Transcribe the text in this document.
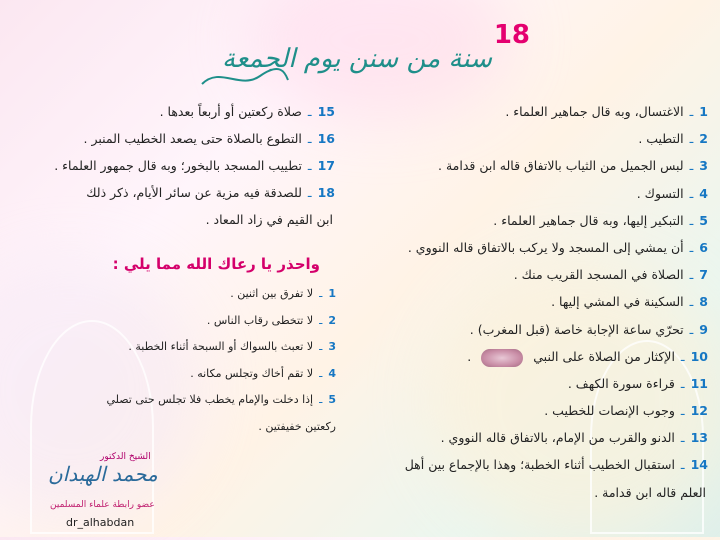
18
سنة من سنن يوم الجمعة
1
ـ
الاغتسال، وبه قال جماهير العلماء .
2
ـ
التطيب .
3
ـ
لبس الجميل من الثياب بالاتفاق قاله ابن قدامة .
4
ـ
التسوك .
5
ـ
التبكير إليها، وبه قال جماهير العلماء .
6
ـ
أن يمشي إلى المسجد ولا يركب بالاتفاق قاله النووي .
7
ـ
الصلاة في المسجد القريب منك .
8
ـ
السكينة في المشي إليها .
9
ـ
تحرّي ساعة الإجابة خاصة (قبل المغرب) .
10
ـ
الإكثار من الصلاة على النبي
.
11
ـ
قراءة سورة الكهف .
12
ـ
وجوب الإنصات للخطيب .
13
ـ
الدنو والقرب من الإمام، بالاتفاق قاله النووي .
14
ـ
استقبال الخطيب أثناء الخطبة؛ وهذا بالإجماع بين أهل
العلم قاله ابن قدامة .
15
ـ
صلاة ركعتين أو أربعاً بعدها .
16
ـ
التطوع بالصلاة حتى يصعد الخطيب المنبر .
17
ـ
تطييب المسجد بالبخور؛ وبه قال جمهور العلماء .
18
ـ
للصدقة فيه مزية عن سائر الأيام، ذكر ذلك
ابن القيم في زاد المعاد .
واحذر يا رعاك الله مما يلي :
1
ـ
لا تفرق بين اثنين .
2
ـ
لا تتخطى رقاب الناس .
3
ـ
لا تعبث بالسواك أو السبحة أثناء الخطبة .
4
ـ
لا تقم أخاك وتجلس مكانه .
5
ـ
إذا دخلت والإمام يخطب فلا تجلس حتى تصلي
ركعتين خفيفتين .
الشيخ الدكتور
محمد الهبدان
عضو رابطة علماء المسلمين
dr_alhabdan
